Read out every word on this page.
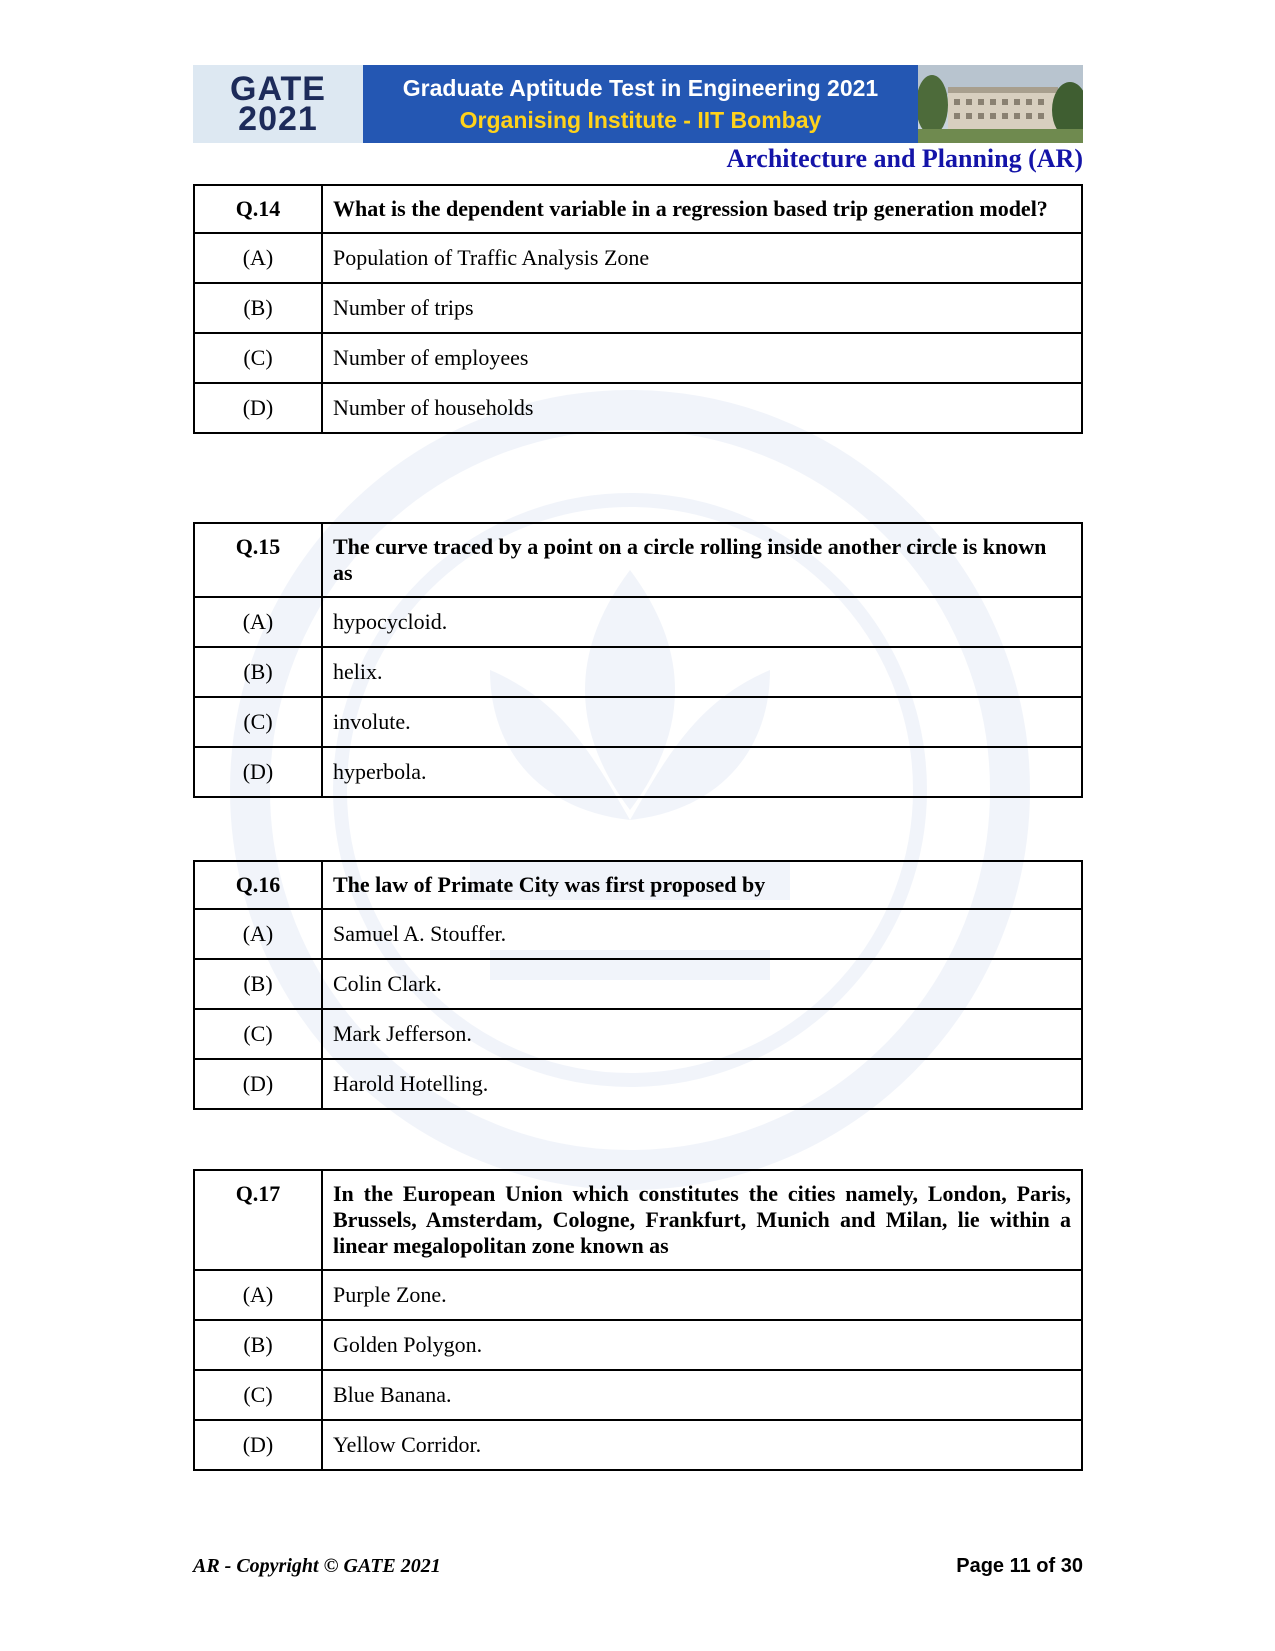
GATE
2021
Graduate Aptitude Test in Engineering 2021
Organising Institute - IIT Bombay
Architecture and Planning (AR)
Q.14	What is the dependent variable in a regression based trip generation model?
(A)	Population of Traffic Analysis Zone
(B)	Number of trips
(C)	Number of employees
(D)	Number of households
Q.15	The curve traced by a point on a circle rolling inside another circle is known as
(A)	hypocycloid.
(B)	helix.
(C)	involute.
(D)	hyperbola.
Q.16	The law of Primate City was first proposed by
(A)	Samuel A. Stouffer.
(B)	Colin Clark.
(C)	Mark Jefferson.
(D)	Harold Hotelling.
Q.17	In the European Union which constitutes the cities namely, London, Paris, Brussels, Amsterdam, Cologne, Frankfurt, Munich and Milan, lie within a linear megalopolitan zone known as
(A)	Purple Zone.
(B)	Golden Polygon.
(C)	Blue Banana.
(D)	Yellow Corridor.
AR - Copyright © GATE 2021	Page 11 of 30
